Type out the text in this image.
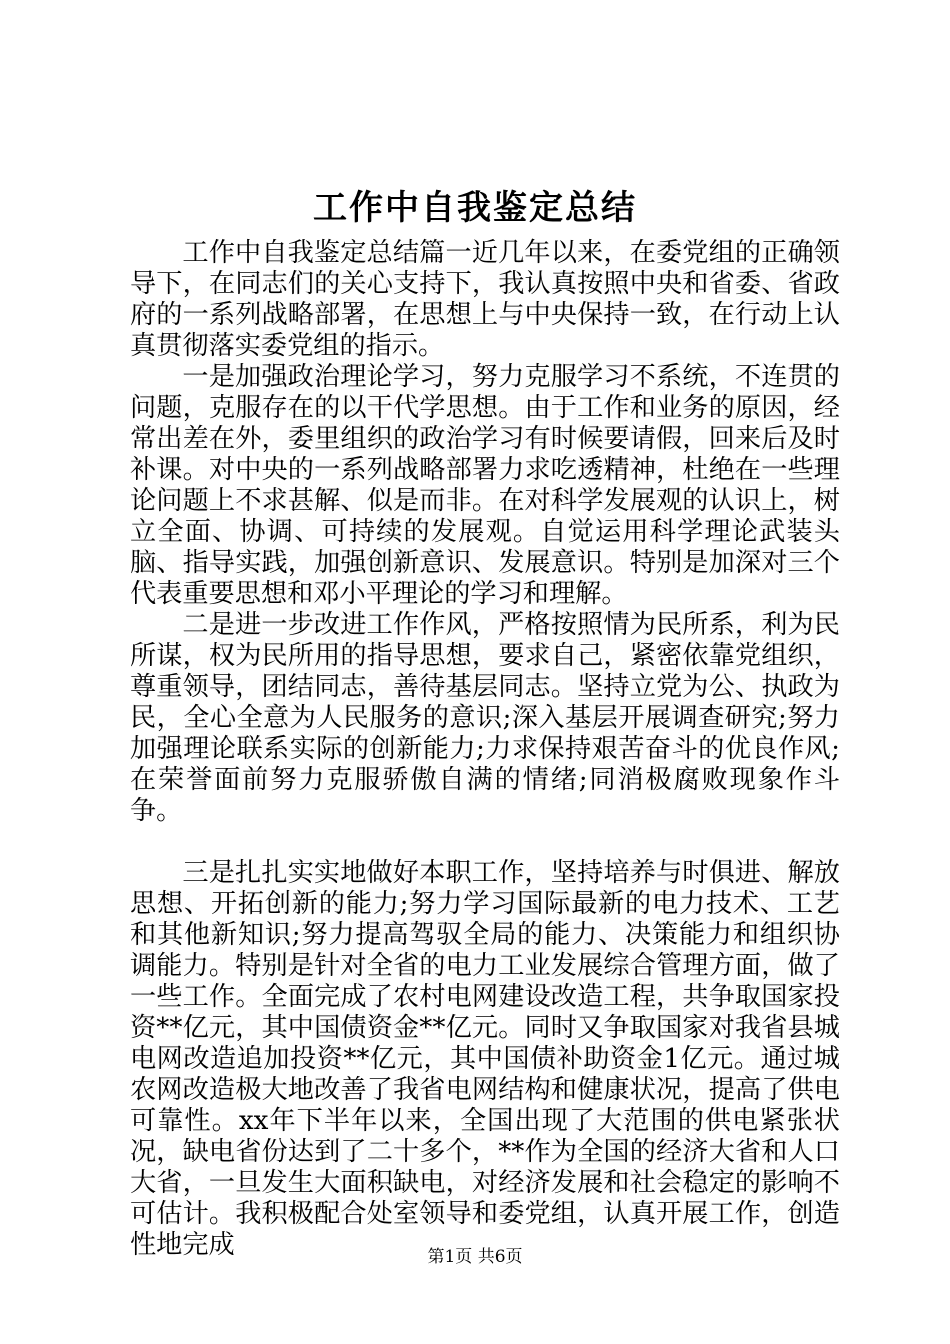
工作中自我鉴定总结

工作中自我鉴定总结篇一近几年以来，在委党组的正确领导下，在同志们的关心支持下，我认真按照中央和省委、省政府的一系列战略部署，在思想上与中央保持一致，在行动上认真贯彻落实委党组的指示。

一是加强政治理论学习，努力克服学习不系统，不连贯的问题，克服存在的以干代学思想。由于工作和业务的原因，经常出差在外，委里组织的政治学习有时候要请假，回来后及时补课。对中央的一系列战略部署力求吃透精神，杜绝在一些理论问题上不求甚解、似是而非。在对科学发展观的认识上，树立全面、协调、可持续的发展观。自觉运用科学理论武装头脑、指导实践，加强创新意识、发展意识。特别是加深对三个代表重要思想和邓小平理论的学习和理解。

二是进一步改进工作作风，严格按照情为民所系，利为民所谋，权为民所用的指导思想，要求自己，紧密依靠党组织，尊重领导，团结同志，善待基层同志。坚持立党为公、执政为民，全心全意为人民服务的意识;深入基层开展调查研究;努力加强理论联系实际的创新能力;力求保持艰苦奋斗的优良作风;在荣誉面前努力克服骄傲自满的情绪;同消极腐败现象作斗争。

三是扎扎实实地做好本职工作，坚持培养与时俱进、解放思想、开拓创新的能力;努力学习国际最新的电力技术、工艺和其他新知识;努力提高驾驭全局的能力、决策能力和组织协调能力。特别是针对全省的电力工业发展综合管理方面，做了一些工作。全面完成了农村电网建设改造工程，共争取国家投资**亿元，其中国债资金**亿元。同时又争取国家对我省县城电网改造追加投资**亿元，其中国债补助资金1亿元。通过城农网改造极大地改善了我省电网结构和健康状况，提高了供电可靠性。xx年下半年以来，全国出现了大范围的供电紧张状况，缺电省份达到了二十多个，**作为全国的经济大省和人口大省，一旦发生大面积缺电，对经济发展和社会稳定的影响不可估计。我积极配合处室领导和委党组，认真开展工作，创造性地完成	第1页 共6页
